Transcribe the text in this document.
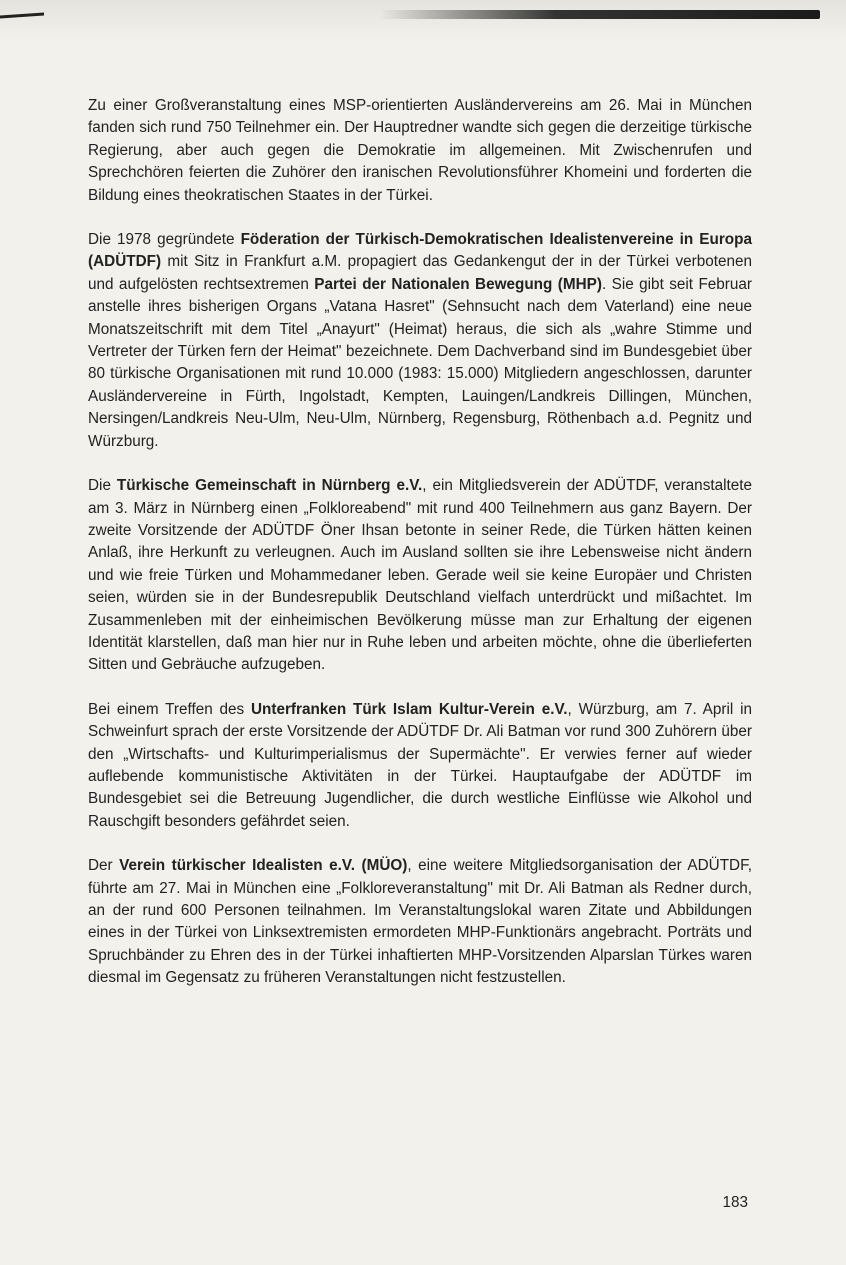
Zu einer Großveranstaltung eines MSP-orientierten Ausländervereins am 26. Mai in München fanden sich rund 750 Teilnehmer ein. Der Hauptredner wandte sich gegen die derzeitige türkische Regierung, aber auch gegen die Demokratie im allgemeinen. Mit Zwischenrufen und Sprechchören feierten die Zuhörer den iranischen Revolutionsführer Khomeini und forderten die Bildung eines theokratischen Staates in der Türkei.

Die 1978 gegründete Föderation der Türkisch-Demokratischen Idealistenvereine in Europa (ADÜTDF) mit Sitz in Frankfurt a.M. propagiert das Gedankengut der in der Türkei verbotenen und aufgelösten rechtsextremen Partei der Nationalen Bewegung (MHP). Sie gibt seit Februar anstelle ihres bisherigen Organs „Vatana Hasret" (Sehnsucht nach dem Vaterland) eine neue Monatszeitschrift mit dem Titel „Anayurt" (Heimat) heraus, die sich als „wahre Stimme und Vertreter der Türken fern der Heimat" bezeichnete. Dem Dachverband sind im Bundesgebiet über 80 türkische Organisationen mit rund 10.000 (1983: 15.000) Mitgliedern angeschlossen, darunter Ausländervereine in Fürth, Ingolstadt, Kempten, Lauingen/Landkreis Dillingen, München, Nersingen/Landkreis Neu-Ulm, Neu-Ulm, Nürnberg, Regensburg, Röthenbach a.d. Pegnitz und Würzburg.

Die Türkische Gemeinschaft in Nürnberg e.V., ein Mitgliedsverein der ADÜTDF, veranstaltete am 3. März in Nürnberg einen „Folkloreabend" mit rund 400 Teilnehmern aus ganz Bayern. Der zweite Vorsitzende der ADÜTDF Öner Ihsan betonte in seiner Rede, die Türken hätten keinen Anlaß, ihre Herkunft zu verleugnen. Auch im Ausland sollten sie ihre Lebensweise nicht ändern und wie freie Türken und Mohammedaner leben. Gerade weil sie keine Europäer und Christen seien, würden sie in der Bundesrepublik Deutschland vielfach unterdrückt und mißachtet. Im Zusammenleben mit der einheimischen Bevölkerung müsse man zur Erhaltung der eigenen Identität klarstellen, daß man hier nur in Ruhe leben und arbeiten möchte, ohne die überlieferten Sitten und Gebräuche aufzugeben.

Bei einem Treffen des Unterfranken Türk Islam Kultur-Verein e.V., Würzburg, am 7. April in Schweinfurt sprach der erste Vorsitzende der ADÜTDF Dr. Ali Batman vor rund 300 Zuhörern über den „Wirtschafts- und Kulturimperialismus der Supermächte". Er verwies ferner auf wieder auflebende kommunistische Aktivitäten in der Türkei. Hauptaufgabe der ADÜTDF im Bundesgebiet sei die Betreuung Jugendlicher, die durch westliche Einflüsse wie Alkohol und Rauschgift besonders gefährdet seien.

Der Verein türkischer Idealisten e.V. (MÜO), eine weitere Mitgliedsorganisation der ADÜTDF, führte am 27. Mai in München eine „Folkloreveranstaltung" mit Dr. Ali Batman als Redner durch, an der rund 600 Personen teilnahmen. Im Veranstaltungslokal waren Zitate und Abbildungen eines in der Türkei von Linksextremisten ermordeten MHP-Funktionärs angebracht. Porträts und Spruchbänder zu Ehren des in der Türkei inhaftierten MHP-Vorsitzenden Alparslan Türkes waren diesmal im Gegensatz zu früheren Veranstaltungen nicht festzustellen.

183
